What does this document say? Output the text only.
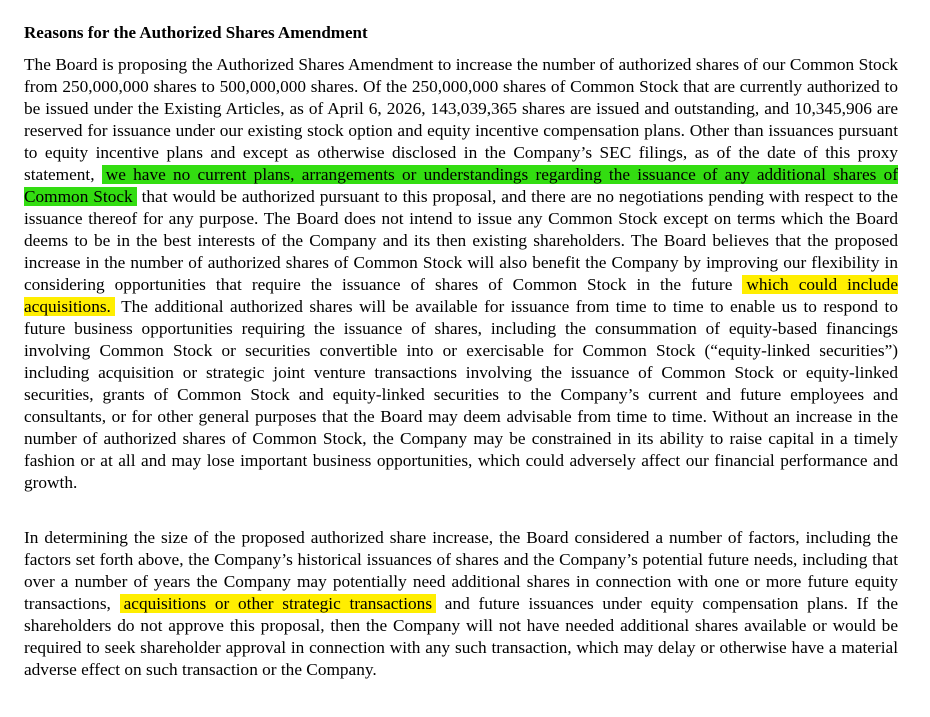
Reasons for the Authorized Shares Amendment

The Board is proposing the Authorized Shares Amendment to increase the number of authorized shares of our Common Stock from 250,000,000 shares to 500,000,000 shares. Of the 250,000,000 shares of Common Stock that are currently authorized to be issued under the Existing Articles, as of April 6, 2026, 143,039,365 shares are issued and outstanding, and 10,345,906 are reserved for issuance under our existing stock option and equity incentive compensation plans. Other than issuances pursuant to equity incentive plans and except as otherwise disclosed in the Company’s SEC filings, as of the date of this proxy statement, we have no current plans, arrangements or understandings regarding the issuance of any additional shares of Common Stock that would be authorized pursuant to this proposal, and there are no negotiations pending with respect to the issuance thereof for any purpose. The Board does not intend to issue any Common Stock except on terms which the Board deems to be in the best interests of the Company and its then existing shareholders. The Board believes that the proposed increase in the number of authorized shares of Common Stock will also benefit the Company by improving our flexibility in considering opportunities that require the issuance of shares of Common Stock in the future which could include acquisitions. The additional authorized shares will be available for issuance from time to time to enable us to respond to future business opportunities requiring the issuance of shares, including the consummation of equity-based financings involving Common Stock or securities convertible into or exercisable for Common Stock (“equity-linked securities”) including acquisition or strategic joint venture transactions involving the issuance of Common Stock or equity-linked securities, grants of Common Stock and equity-linked securities to the Company’s current and future employees and consultants, or for other general purposes that the Board may deem advisable from time to time. Without an increase in the number of authorized shares of Common Stock, the Company may be constrained in its ability to raise capital in a timely fashion or at all and may lose important business opportunities, which could adversely affect our financial performance and growth.

In determining the size of the proposed authorized share increase, the Board considered a number of factors, including the factors set forth above, the Company’s historical issuances of shares and the Company’s potential future needs, including that over a number of years the Company may potentially need additional shares in connection with one or more future equity transactions, acquisitions or other strategic transactions and future issuances under equity compensation plans. If the shareholders do not approve this proposal, then the Company will not have needed additional shares available or would be required to seek shareholder approval in connection with any such transaction, which may delay or otherwise have a material adverse effect on such transaction or the Company.
